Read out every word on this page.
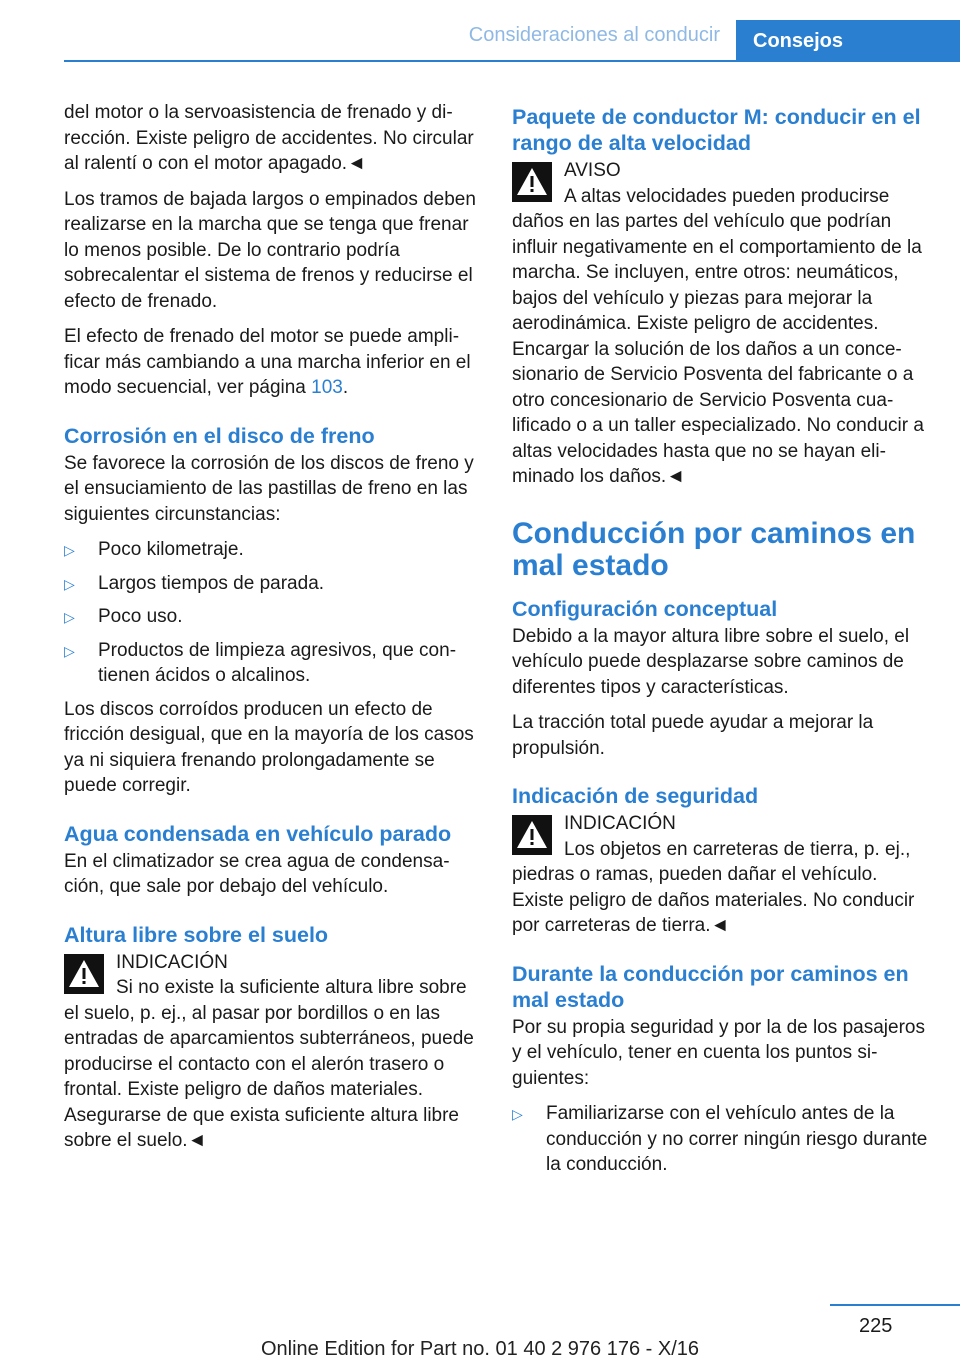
Consideraciones al conducir	Consejos

del motor o la servoasistencia de frenado y dirección. Existe peligro de accidentes. No circular al ralentí o con el motor apagado.◄

Los tramos de bajada largos o empinados deben realizarse en la marcha que se tenga que frenar lo menos posible. De lo contrario podría sobrecalentar el sistema de frenos y reducirse el efecto de frenado.

El efecto de frenado del motor se puede amplificar más cambiando a una marcha inferior en el modo secuencial, ver página 103.

Corrosión en el disco de freno

Se favorece la corrosión de los discos de freno y el ensuciamiento de las pastillas de freno en las siguientes circunstancias:

▷ Poco kilometraje.
▷ Largos tiempos de parada.
▷ Poco uso.
▷ Productos de limpieza agresivos, que contienen ácidos o alcalinos.

Los discos corroídos producen un efecto de fricción desigual, que en la mayoría de los casos ya ni siquiera frenando prolongadamente se puede corregir.

Agua condensada en vehículo parado

En el climatizador se crea agua de condensación, que sale por debajo del vehículo.

Altura libre sobre el suelo
INDICACIÓN
Si no existe la suficiente altura libre sobre el suelo, p. ej., al pasar por bordillos o en las entradas de aparcamientos subterráneos, puede producirse el contacto con el alerón trasero o frontal. Existe peligro de daños materiales. Asegurarse de que exista suficiente altura libre sobre el suelo.◄
Paquete de conductor M: conducir en el rango de alta velocidad
AVISO
A altas velocidades pueden producirse daños en las partes del vehículo que podrían influir negativamente en el comportamiento de la marcha. Se incluyen, entre otros: neumáticos, bajos del vehículo y piezas para mejorar la aerodinámica. Existe peligro de accidentes. Encargar la solución de los daños a un concesionario de Servicio Posventa del fabricante o a otro concesionario de Servicio Posventa cualificado o a un taller especializado. No conducir a altas velocidades hasta que no se hayan eliminado los daños.◄
Conducción por caminos en mal estado
Configuración conceptual

Debido a la mayor altura libre sobre el suelo, el vehículo puede desplazarse sobre caminos de diferentes tipos y características.

La tracción total puede ayudar a mejorar la propulsión.

Indicación de seguridad
INDICACIÓN
Los objetos en carreteras de tierra, p. ej., piedras o ramas, pueden dañar el vehículo. Existe peligro de daños materiales. No conducir por carreteras de tierra.◄
Durante la conducción por caminos en mal estado

Por su propia seguridad y por la de los pasajeros y el vehículo, tener en cuenta los puntos siguientes:

▷ Familiarizarse con el vehículo antes de la conducción y no correr ningún riesgo durante la conducción.
225
Online Edition for Part no. 01 40 2 976 176 - X/16
